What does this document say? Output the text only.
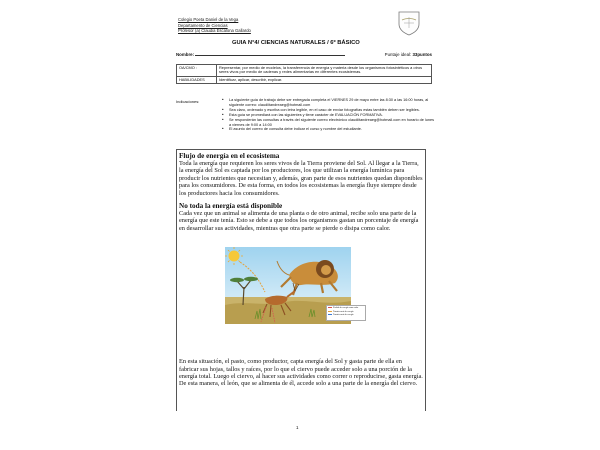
Colegio Poeta Daniel de la Vega
Departamento de Ciencias
Profesor (a) Claudia Escalona Gallardo
GUIA N°4/ CIENCIAS NATURALES / 6º BÁSICO
Nombre:	Puntaje ideal: 33puntos
OA/CMO :	Representar, por medio de modelos, la transferencia de energía y materia desde los organismos fotosintéticos a otros seres vivos por medio de cadenas y redes alimentarias en diferentes ecosistemas.
HABILIDADES	Identificar, aplicar, describir, explicar.
Indicaciones:	• La siguiente guía de trabajo debe ser entregada completa el VIERNES 29 de mayo entre las 8:30 a las 16:00 horas, al siguiente correo: claudiitandreaeg@hotmail.com
• Sea claro, ordenado y escriba con letra legible, en el caso de enviar fotografías estas también deben ser legibles.
• Esta guía se promediará con las siguientes y tiene carácter de EVALUACIÓN FORMATIVA.
• Se responderán las consultas a través del siguiente correo electrónico claudiitandreaeg@hotmail.com en horario de lunes a viernes de 9:00 a 14:00
• El asunto del correo de consulta debe indicar el curso y nombre del estudiante.
Flujo de energía en el ecosistema

Toda la energía que requieren los seres vivos de la Tierra proviene del Sol. Al llegar a la Tierra, la energía del Sol es captada por los productores, los que utilizan la energía lumínica para producir los nutrientes que necesitan y, además, gran parte de esos nutrientes quedan disponibles para los consumidores. De esta forma, en todos los ecosistemas la energía fluye siempre desde los productores hacia los consumidores.

No toda la energía está disponible

Cada vez que un animal se alimenta de una planta o de otro animal, recibe solo una parte de la energía que este tenía. Esto se debe a que todos los organismos gastan un porcentaje de energía en desarrollar sus actividades, mientras que otra parte se pierde o disipa como calor.

Pérdida de energía como calor
Transferencia de energía
Transferencia de energía

En esta situación, el pasto, como productor, capta energía del Sol y gasta parte de ella en fabricar sus hojas, tallos y raíces, por lo que el ciervo puede acceder solo a una porción de la energía total. Luego el ciervo, al hacer sus actividades como correr o reproducirse, gasta energía. De esta manera, el león, que se alimenta de él, accede solo a una parte de la energía del ciervo.

1
